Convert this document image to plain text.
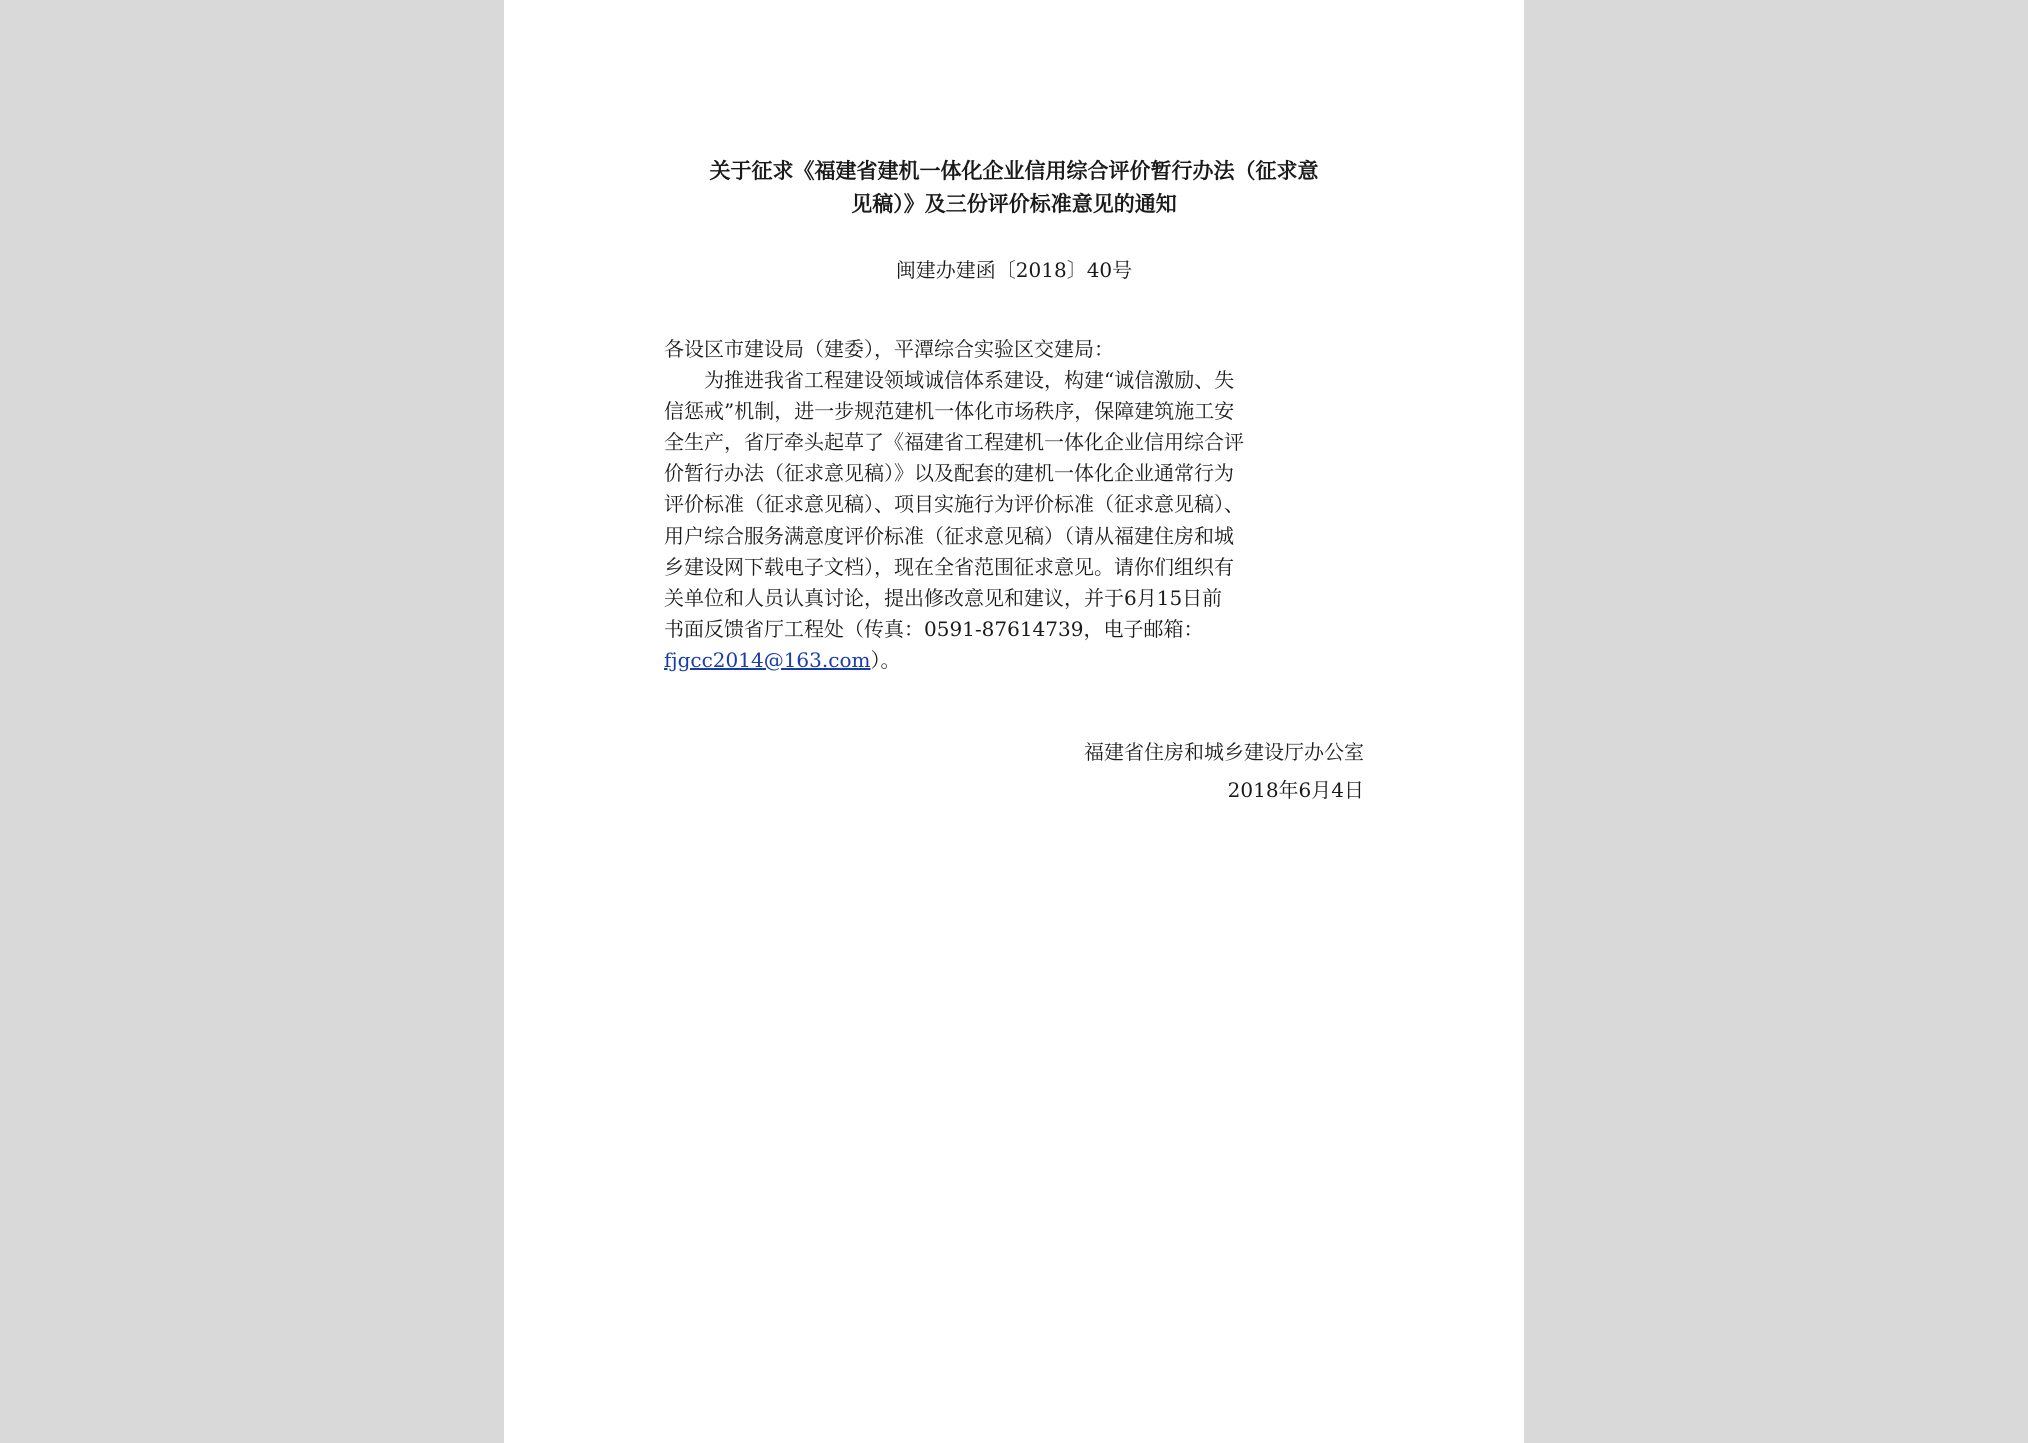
关于征求《福建省建机一体化企业信用综合评价暂行办法（征求意
见稿）》及三份评价标准意见的通知
闽建办建函〔2018〕40号
各设区市建设局（建委），平潭综合实验区交建局：
为推进我省工程建设领域诚信体系建设，构建“诚信激励、失
信惩戒”机制，进一步规范建机一体化市场秩序，保障建筑施工安
全生产，省厅牵头起草了《福建省工程建机一体化企业信用综合评
价暂行办法（征求意见稿）》以及配套的建机一体化企业通常行为
评价标准（征求意见稿）、项目实施行为评价标准（征求意见稿）、
用户综合服务满意度评价标准（征求意见稿）（请从福建住房和城
乡建设网下载电子文档），现在全省范围征求意见。请你们组织有
关单位和人员认真讨论，提出修改意见和建议，并于6月15日前
书面反馈省厅工程处（传真：0591-87614739，电子邮箱：
fjgcc2014@163.com）。
福建省住房和城乡建设厅办公室
2018年6月4日
